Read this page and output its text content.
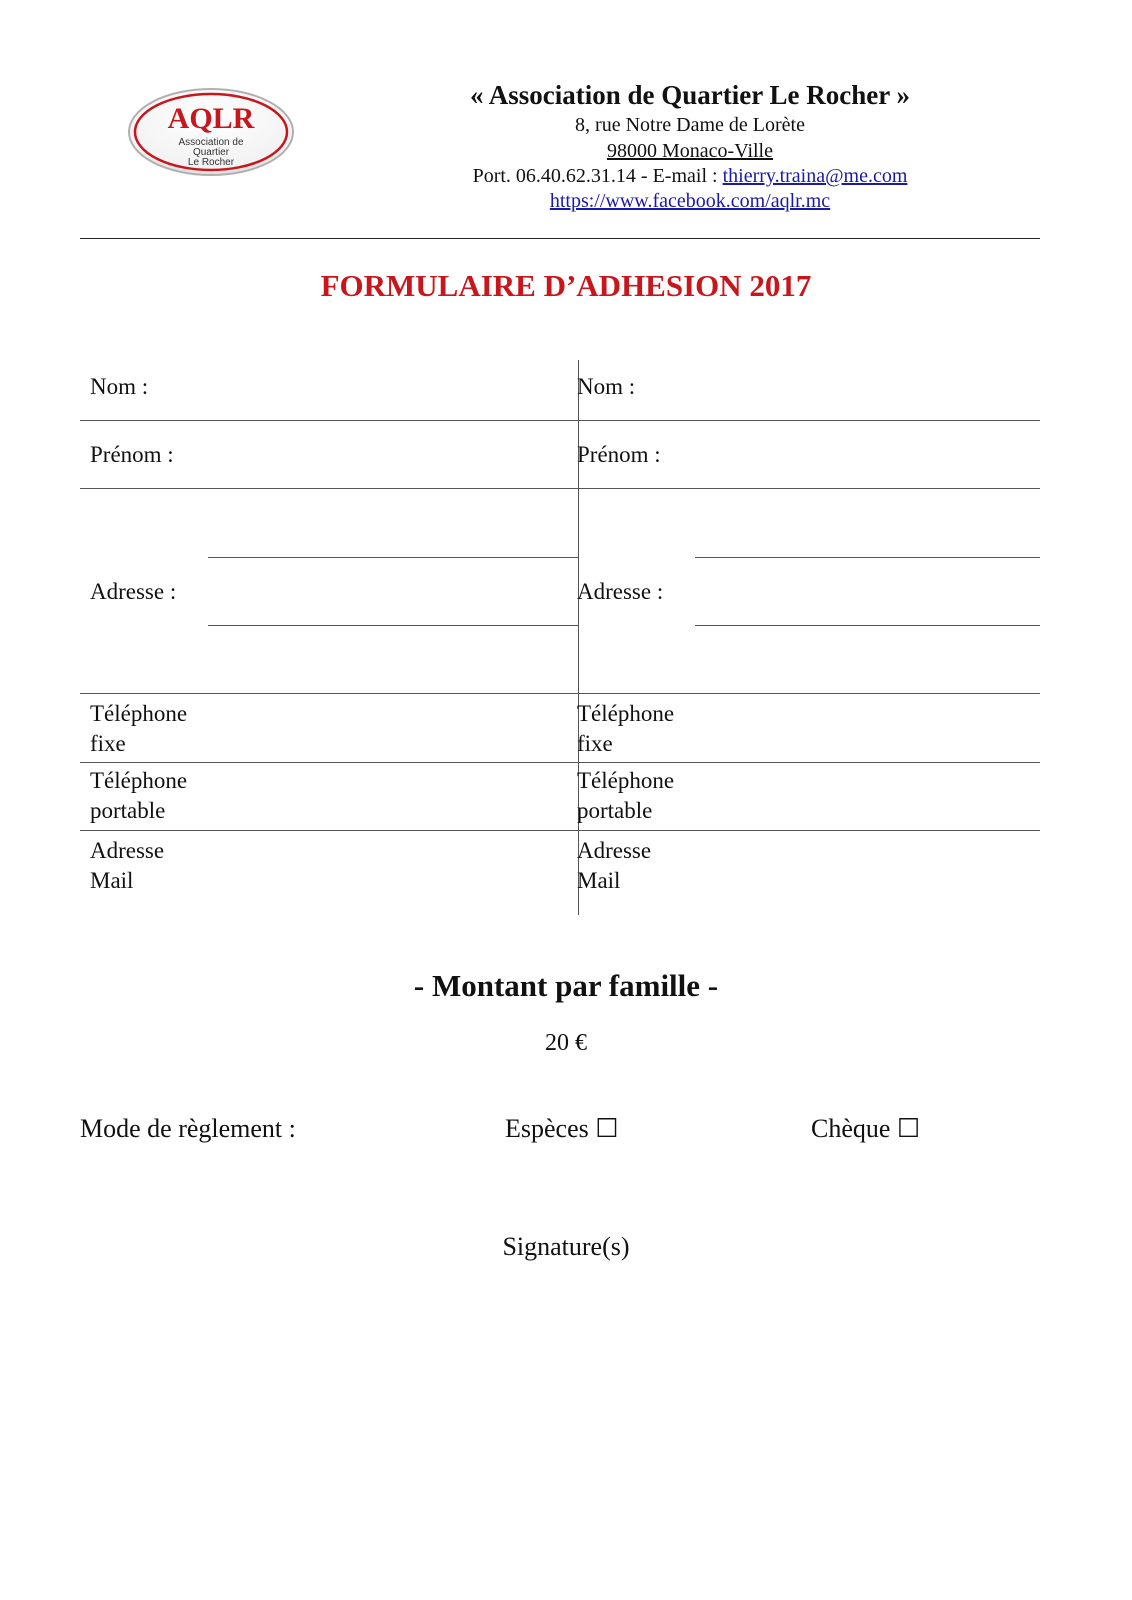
AQLR
Association de
Quartier
Le Rocher
« Association de Quartier Le Rocher »
8, rue Notre Dame de Lorète
98000 Monaco-Ville
Port. 06.40.62.31.14 - E-mail : thierry.traina@me.com
https://www.facebook.com/aqlr.mc
FORMULAIRE D’ADHESION 2017
Nom :
Prénom :
Adresse :
Téléphone
fixe
Téléphone
portable
Adresse
Mail
Nom :
Prénom :
Adresse :
Téléphone
fixe
Téléphone
portable
Adresse
Mail
- Montant par famille -
20 €
Mode de règlement :	Espèces ☐	Chèque ☐
Signature(s)
